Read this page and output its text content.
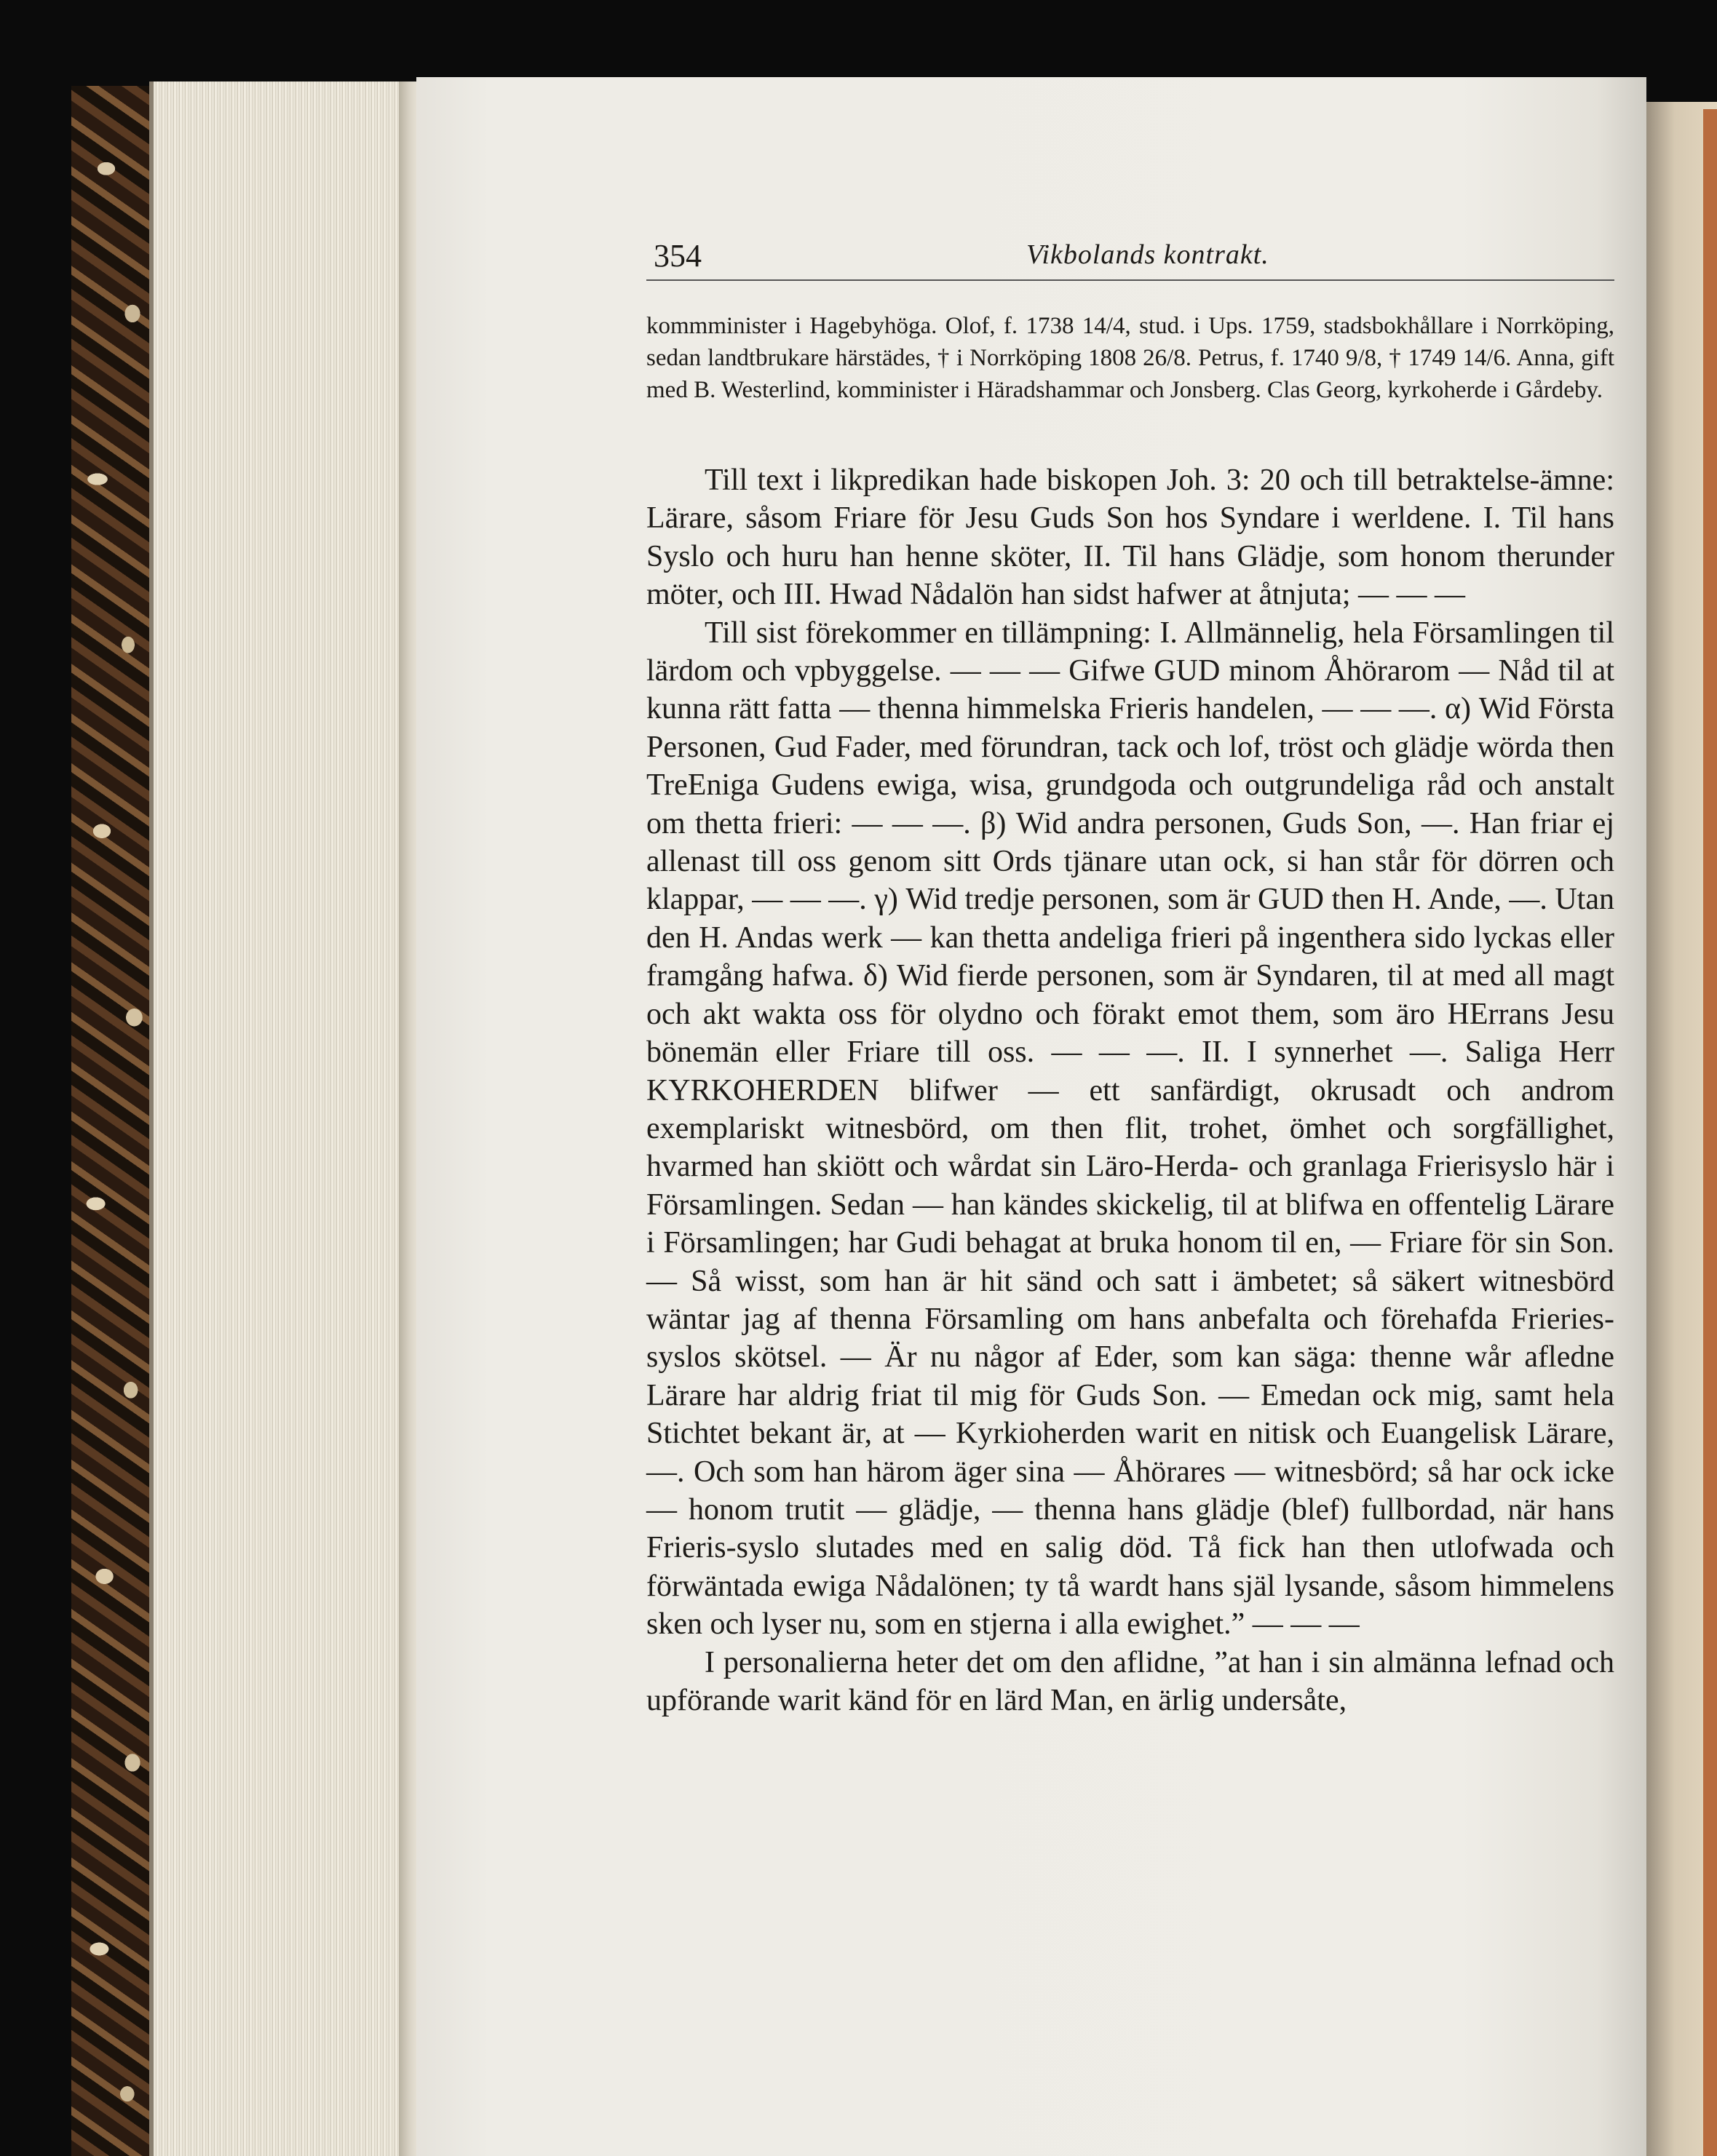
354	Vikbolands kontrakt.
kommminister i Hagebyhöga. Olof, f. 1738 14/4, stud. i Ups. 1759, stadsbokhållare i Norrköping, sedan landtbrukare härstädes, † i Norrköping 1808 26/8. Petrus, f. 1740 9/8, † 1749 14/6. Anna, gift med B. Westerlind, komminister i Häradshammar och Jonsberg. Clas Georg, kyrkoherde i Gårdeby.

Till text i likpredikan hade biskopen Joh. 3: 20 och till betraktelse-ämne: Lärare, såsom Friare för Jesu Guds Son hos Syndare i werldene. I. Til hans Syslo och huru han henne sköter, II. Til hans Glädje, som honom therunder möter, och III. Hwad Nådalön han sidst hafwer at åtnjuta; — — —

Till sist förekommer en tillämpning: I. Allmännelig, hela Församlingen til lärdom och vpbyggelse. — — — Gifwe GUD minom Åhörarom — Nåd til at kunna rätt fatta — thenna himmelska Frieris handelen, — — —. α) Wid Första Personen, Gud Fader, med förundran, tack och lof, tröst och glädje wörda then TreEniga Gudens ewiga, wisa, grundgoda och outgrundeliga råd och anstalt om thetta frieri: — — —. β) Wid andra personen, Guds Son, —. Han friar ej allenast till oss genom sitt Ords tjänare utan ock, si han står för dörren och klappar, — — —. γ) Wid tredje personen, som är GUD then H. Ande, —. Utan den H. Andas werk — kan thetta andeliga frieri på ingenthera sido lyckas eller framgång hafwa. δ) Wid fierde personen, som är Syndaren, til at med all magt och akt wakta oss för olydno och förakt emot them, som äro HErrans Jesu bönemän eller Friare till oss. — — —. II. I synnerhet —. Saliga Herr KYRKOHERDEN blifwer — ett sanfärdigt, okrusadt och androm exemplariskt witnesbörd, om then flit, trohet, ömhet och sorgfällighet, hvarmed han skiött och wårdat sin Läro-Herda- och granlaga Frierisyslo här i Församlingen. Sedan — han kändes skickelig, til at blifwa en offentelig Lärare i Församlingen; har Gudi behagat at bruka honom til en, — Friare för sin Son. — Så wisst, som han är hit sänd och satt i ämbetet; så säkert witnesbörd wäntar jag af thenna Församling om hans anbefalta och förehafda Frieries-syslos skötsel. — Är nu någor af Eder, som kan säga: thenne wår afledne Lärare har aldrig friat til mig för Guds Son. — Emedan ock mig, samt hela Stichtet bekant är, at — Kyrkioherden warit en nitisk och Euangelisk Lärare, —. Och som han härom äger sina — Åhörares — witnesbörd; så har ock icke — honom trutit — glädje, — thenna hans glädje (blef) fullbordad, när hans Frieris-syslo slutades med en salig död. Tå fick han then utlofwada och förwäntada ewiga Nådalönen; ty tå wardt hans själ lysande, såsom himmelens sken och lyser nu, som en stjerna i alla ewighet.” — — —

I personalierna heter det om den aflidne, ”at han i sin almänna lefnad och upförande warit känd för en lärd Man, en ärlig undersåte,
